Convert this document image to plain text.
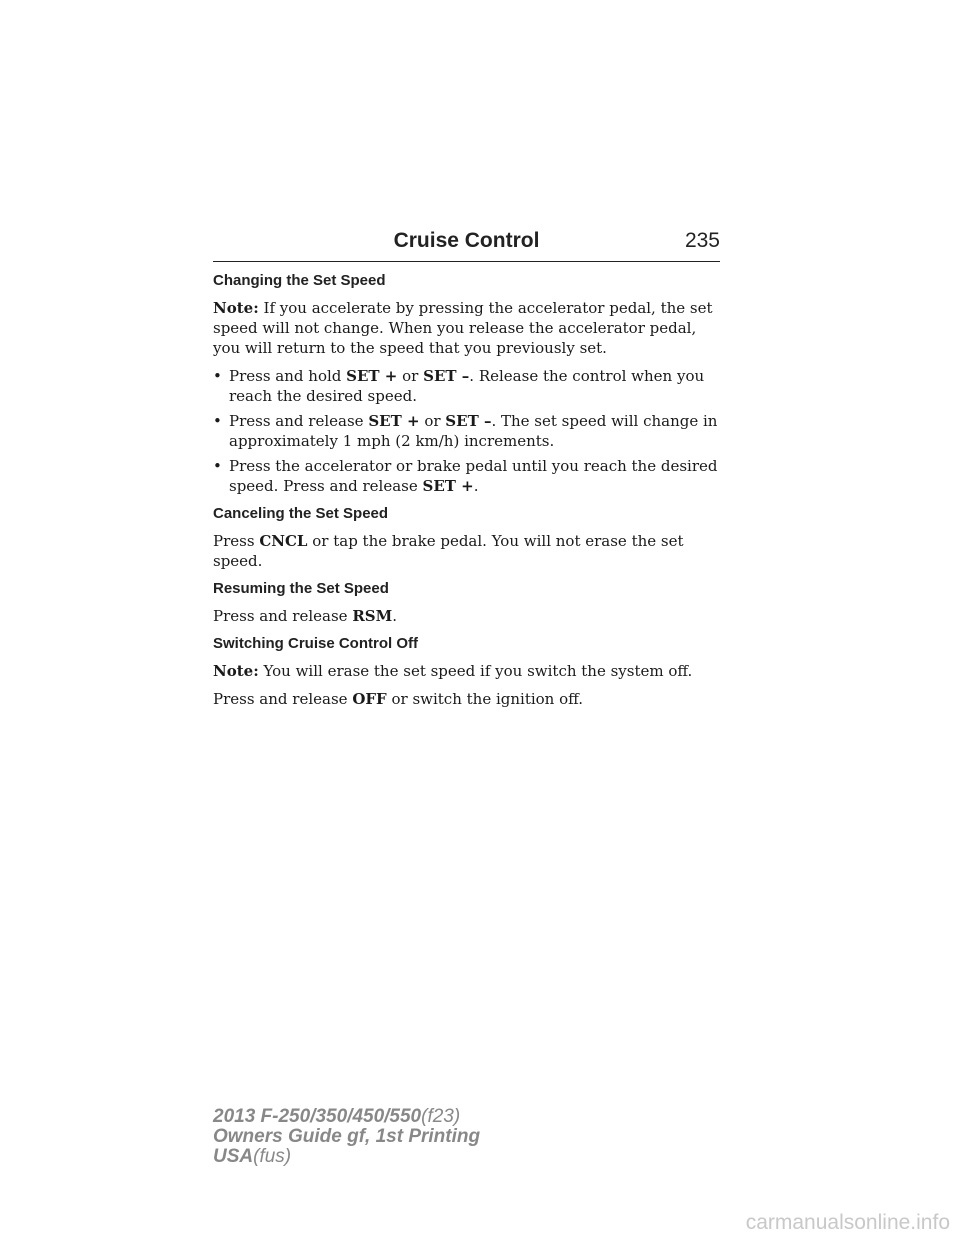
Cruise Control	235
Changing the Set Speed

Note: If you accelerate by pressing the accelerator pedal, the set speed will not change. When you release the accelerator pedal, you will return to the speed that you previously set.

• Press and hold SET + or SET –. Release the control when you reach the desired speed.
• Press and release SET + or SET –. The set speed will change in approximately 1 mph (2 km/h) increments.
• Press the accelerator or brake pedal until you reach the desired speed. Press and release SET +.
Canceling the Set Speed

Press CNCL or tap the brake pedal. You will not erase the set speed.

Resuming the Set Speed

Press and release RSM.

Switching Cruise Control Off

Note: You will erase the set speed if you switch the system off.

Press and release OFF or switch the ignition off.

2013 F-250/350/450/550(f23)
Owners Guide gf, 1st Printing
USA(fus)
carmanualsonline.info
